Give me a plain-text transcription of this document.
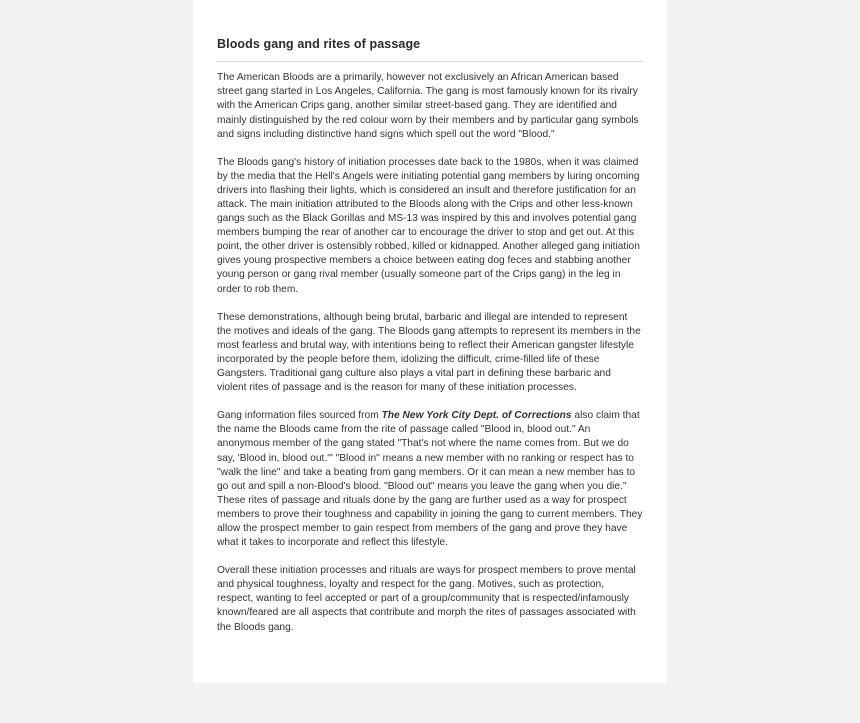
Bloods gang and rites of passage

The American Bloods are a primarily, however not exclusively an African American based street gang started in Los Angeles, California. The gang is most famously known for its rivalry with the American Crips gang, another similar street-based gang. They are identified and mainly distinguished by the red colour worn by their members and by particular gang symbols and signs including distinctive hand signs which spell out the word "Blood."

The Bloods gang's history of initiation processes date back to the 1980s, when it was claimed by the media that the Hell's Angels were initiating potential gang members by luring oncoming drivers into flashing their lights, which is considered an insult and therefore justification for an attack. The main initiation attributed to the Bloods along with the Crips and other less-known gangs such as the Black Gorillas and MS-13 was inspired by this and involves potential gang members bumping the rear of another car to encourage the driver to stop and get out. At this point, the other driver is ostensibly robbed, killed or kidnapped. Another alleged gang initiation gives young prospective members a choice between eating dog feces and stabbing another young person or gang rival member (usually someone part of the Crips gang) in the leg in order to rob them.

These demonstrations, although being brutal, barbaric and illegal are intended to represent the motives and ideals of the gang. The Bloods gang attempts to represent its members in the most fearless and brutal way, with intentions being to reflect their American gangster lifestyle incorporated by the people before them, idolizing the difficult, crime-filled life of these Gangsters. Traditional gang culture also plays a vital part in defining these barbaric and violent rites of passage and is the reason for many of these initiation processes.

Gang information files sourced from The New York City Dept. of Corrections also claim that the name the Bloods came from the rite of passage called "Blood in, blood out." An anonymous member of the gang stated "That's not where the name comes from. But we do say, 'Blood in, blood out.'" "Blood in" means a new member with no ranking or respect has to "walk the line" and take a beating from gang members. Or it can mean a new member has to go out and spill a non-Blood's blood. "Blood out" means you leave the gang when you die." These rites of passage and rituals done by the gang are further used as a way for prospect members to prove their toughness and capability in joining the gang to current members. They allow the prospect member to gain respect from members of the gang and prove they have what it takes to incorporate and reflect this lifestyle.

Overall these initiation processes and rituals are ways for prospect members to prove mental and physical toughness, loyalty and respect for the gang. Motives, such as protection, respect, wanting to feel accepted or part of a group/community that is respected/infamously known/feared are all aspects that contribute and morph the rites of passages associated with the Bloods gang.
